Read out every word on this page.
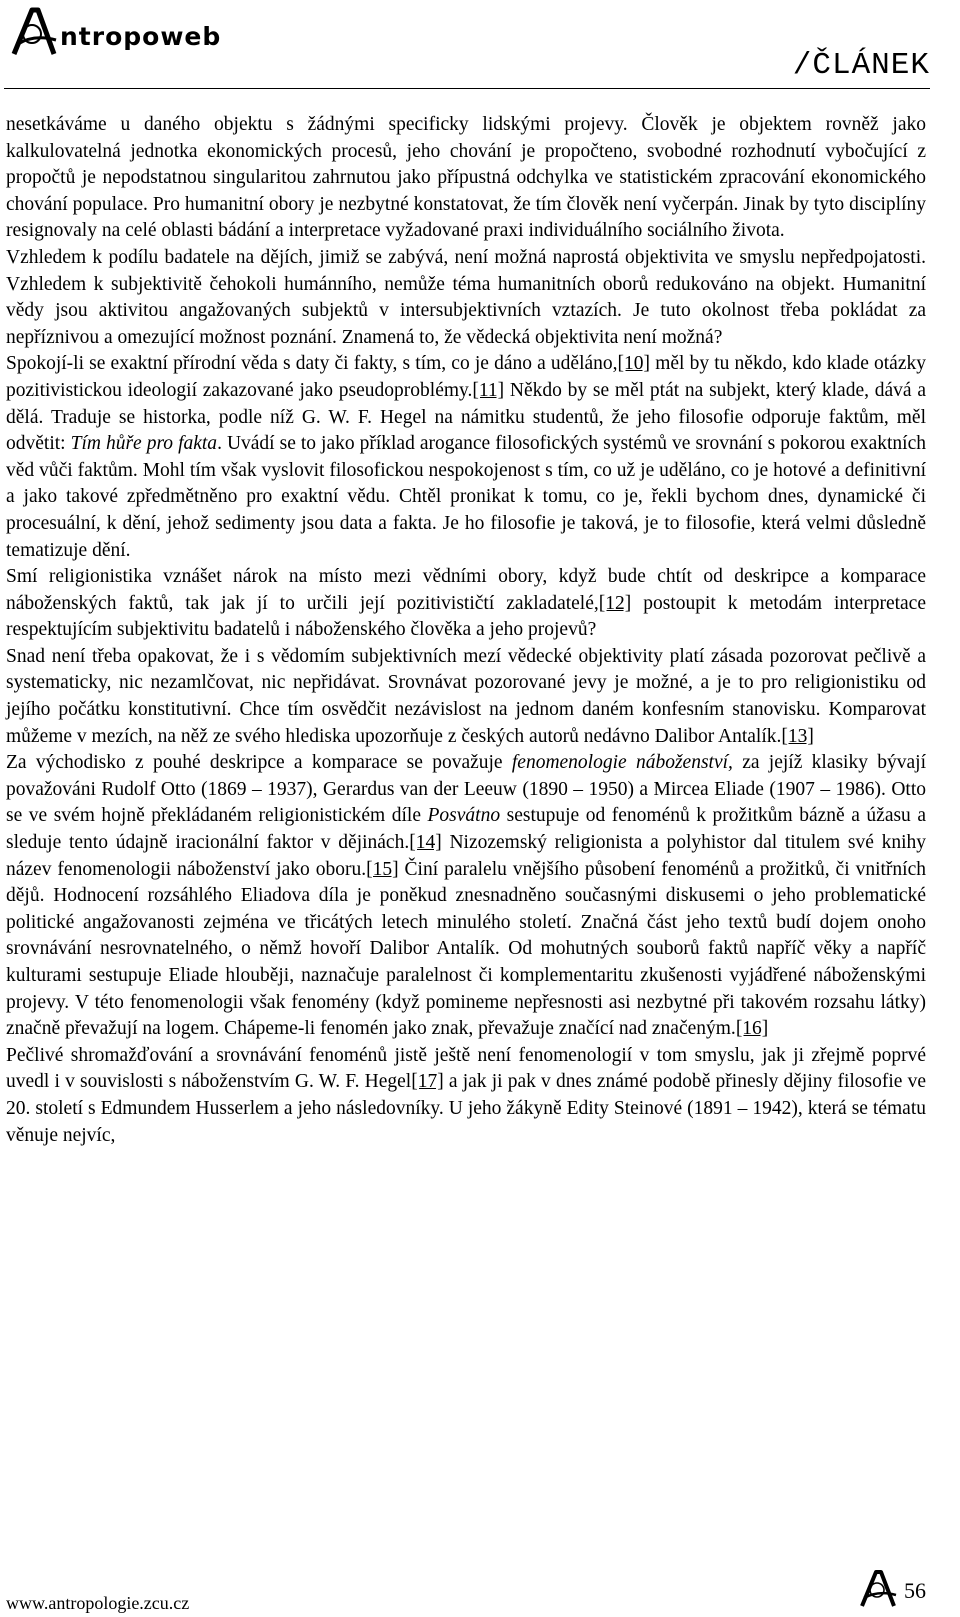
ntropoweb
/ČLÁNEK

nesetkáváme u daného objektu s žádnými specificky lidskými projevy. Člověk je objektem rovněž jako kalkulovatelná jednotka ekonomických procesů, jeho chování je propočteno, svobodné rozhodnutí vybočující z propočtů je nepodstatnou singularitou zahrnutou jako přípustná odchylka ve statistickém zpracování ekonomického chování populace. Pro humanitní obory je nezbytné konstatovat, že tím člověk není vyčerpán. Jinak by tyto disciplíny resignovaly na celé oblasti bádání a interpretace vyžadované praxi individuálního sociálního života.

Vzhledem k podílu badatele na dějích, jimiž se zabývá, není možná naprostá objektivita ve smyslu nepředpojatosti. Vzhledem k subjektivitě čehokoli humánního, nemůže téma humanitních oborů redukováno na objekt. Humanitní vědy jsou aktivitou angažovaných subjektů v intersubjektivních vztazích. Je tuto okolnost třeba pokládat za nepříznivou a omezující možnost poznání. Znamená to, že vědecká objektivita není možná?

Spokojí-li se exaktní přírodní věda s daty či fakty, s tím, co je dáno a uděláno,[10] měl by tu někdo, kdo klade otázky pozitivistickou ideologií zakazované jako pseudoproblémy.[11] Někdo by se měl ptát na subjekt, který klade, dává a dělá. Traduje se historka, podle níž G. W. F. Hegel na námitku studentů, že jeho filosofie odporuje faktům, měl odvětit: Tím hůře pro fakta. Uvádí se to jako příklad arogance filosofických systémů ve srovnání s pokorou exaktních věd vůči faktům. Mohl tím však vyslovit filosofickou nespokojenost s tím, co už je uděláno, co je hotové a definitivní a jako takové zpředmětněno pro exaktní vědu. Chtěl pronikat k tomu, co je, řekli bychom dnes, dynamické či procesuální, k dění, jehož sedimenty jsou data a fakta. Je ho filosofie je taková, je to filosofie, která velmi důsledně tematizuje dění.

Smí religionistika vznášet nárok na místo mezi vědními obory, když bude chtít od deskripce a komparace náboženských faktů, tak jak jí to určili její pozitivističtí zakladatelé,[12] postoupit k metodám interpretace respektujícím subjektivitu badatelů i náboženského člověka a jeho projevů?

Snad není třeba opakovat, že i s vědomím subjektivních mezí vědecké objektivity platí zásada pozorovat pečlivě a systematicky, nic nezamlčovat, nic nepřidávat. Srovnávat pozorované jevy je možné, a je to pro religionistiku od jejího počátku konstitutivní. Chce tím osvědčit nezávislost na jednom daném konfesním stanovisku. Komparovat můžeme v mezích, na něž ze svého hlediska upozorňuje z českých autorů nedávno Dalibor Antalík.[13]

Za východisko z pouhé deskripce a komparace se považuje fenomenologie náboženství, za jejíž klasiky bývají považováni Rudolf Otto (1869 – 1937), Gerardus van der Leeuw (1890 – 1950) a Mircea Eliade (1907 – 1986). Otto se ve svém hojně překládaném religionistickém díle Posvátno sestupuje od fenoménů k prožitkům bázně a úžasu a sleduje tento údajně iracionální faktor v dějinách.[14] Nizozemský religionista a polyhistor dal titulem své knihy název fenomenologii náboženství jako oboru.[15] Činí paralelu vnějšího působení fenoménů a prožitků, či vnitřních dějů. Hodnocení rozsáhlého Eliadova díla je poněkud znesnadněno současnými diskusemi o jeho problematické politické angažovanosti zejména ve třicátých letech minulého století. Značná část jeho textů budí dojem onoho srovnávání nesrovnatelného, o němž hovoří Dalibor Antalík. Od mohutných souborů faktů napříč věky a napříč kulturami sestupuje Eliade hlouběji, naznačuje paralelnost či komplementaritu zkušenosti vyjádřené náboženskými projevy. V této fenomenologii však fenomény (když pomineme nepřesnosti asi nezbytné při takovém rozsahu látky) značně převažují na logem. Chápeme-li fenomén jako znak, převažuje značící nad značeným.[16]

Pečlivé shromažďování a srovnávání fenoménů jistě ještě není fenomenologií v tom smyslu, jak ji zřejmě poprvé uvedl i v souvislosti s náboženstvím G. W. F. Hegel[17] a jak ji pak v dnes známé podobě přinesly dějiny filosofie ve 20. století s Edmundem Husserlem a jeho následovníky. U jeho žákyně Edity Steinové (1891 – 1942), která se tématu věnuje nejvíc,

www.antropologie.zcu.cz	56
